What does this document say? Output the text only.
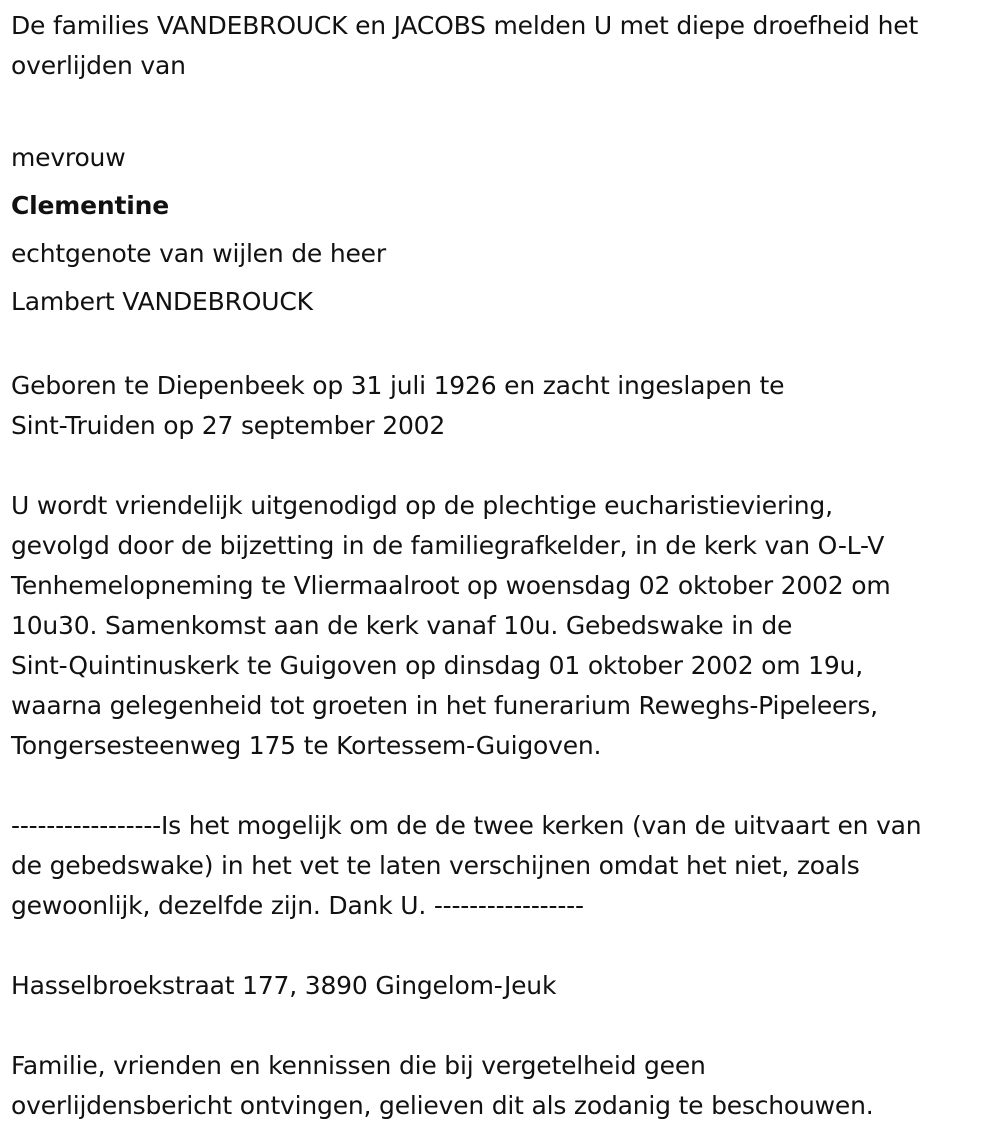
De families VANDEBROUCK en JACOBS melden U met diepe droefheid het
overlijden van
mevrouw
Clementine
echtgenote van wijlen de heer
Lambert VANDEBROUCK
Geboren te Diepenbeek op 31 juli 1926 en zacht ingeslapen te
Sint-Truiden op 27 september 2002
U wordt vriendelijk uitgenodigd op de plechtige eucharistieviering,
gevolgd door de bijzetting in de familiegrafkelder, in de kerk van O-L-V
Tenhemelopneming te Vliermaalroot op woensdag 02 oktober 2002 om
10u30. Samenkomst aan de kerk vanaf 10u. Gebedswake in de
Sint-Quintinuskerk te Guigoven op dinsdag 01 oktober 2002 om 19u,
waarna gelegenheid tot groeten in het funerarium Reweghs-Pipeleers,
Tongersesteenweg 175 te Kortessem-Guigoven.
-----------------Is het mogelijk om de de twee kerken (van de uitvaart en van
de gebedswake) in het vet te laten verschijnen omdat het niet, zoals
gewoonlijk, dezelfde zijn. Dank U. -----------------
Hasselbroekstraat 177, 3890 Gingelom-Jeuk
Familie, vrienden en kennissen die bij vergetelheid geen
overlijdensbericht ontvingen, gelieven dit als zodanig te beschouwen.
